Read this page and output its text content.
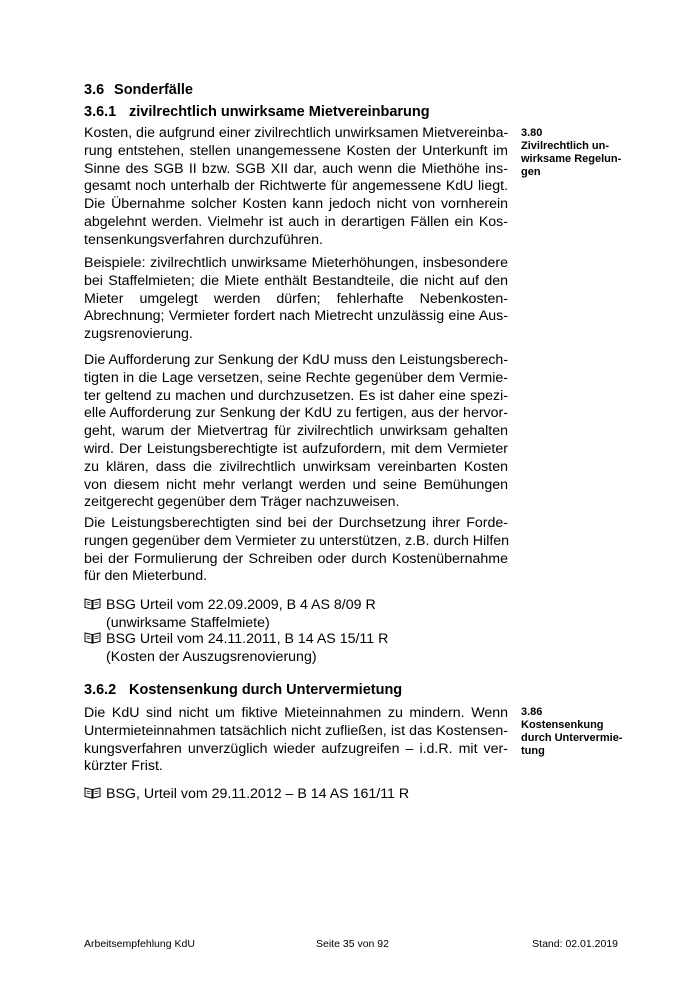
3.6 Sonderfälle
3.6.1 zivilrechtlich unwirksame Mietvereinbarung
3.80
Zivilrechtlich un-
wirksame Regelun-
gen
Kosten, die aufgrund einer zivilrechtlich unwirksamen Mietvereinba-
rung entstehen, stellen unangemessene Kosten der Unterkunft im
Sinne des SGB II bzw. SGB XII dar, auch wenn die Miethöhe ins-
gesamt noch unterhalb der Richtwerte für angemessene KdU liegt.
Die Übernahme solcher Kosten kann jedoch nicht von vornherein
abgelehnt werden. Vielmehr ist auch in derartigen Fällen ein Kos-
tensenkungsverfahren durchzuführen.
Beispiele: zivilrechtlich unwirksame Mieterhöhungen, insbesondere
bei Staffelmieten; die Miete enthält Bestandteile, die nicht auf den
Mieter umgelegt werden dürfen; fehlerhafte Nebenkosten-
Abrechnung; Vermieter fordert nach Mietrecht unzulässig eine Aus-
zugsrenovierung.
Die Aufforderung zur Senkung der KdU muss den Leistungsberech-
tigten in die Lage versetzen, seine Rechte gegenüber dem Vermie-
ter geltend zu machen und durchzusetzen. Es ist daher eine spezi-
elle Aufforderung zur Senkung der KdU zu fertigen, aus der hervor-
geht, warum der Mietvertrag für zivilrechtlich unwirksam gehalten
wird. Der Leistungsberechtigte ist aufzufordern, mit dem Vermieter
zu klären, dass die zivilrechtlich unwirksam vereinbarten Kosten
von diesem nicht mehr verlangt werden und seine Bemühungen
zeitgerecht gegenüber dem Träger nachzuweisen.
Die Leistungsberechtigten sind bei der Durchsetzung ihrer Forde-
rungen gegenüber dem Vermieter zu unterstützen, z.B. durch Hilfen
bei der Formulierung der Schreiben oder durch Kostenübernahme
für den Mieterbund.
BSG Urteil vom 22.09.2009, B 4 AS 8/09 R
(unwirksame Staffelmiete)
BSG Urteil vom 24.11.2011, B 14 AS 15/11 R
(Kosten der Auszugsrenovierung)
3.6.2 Kostensenkung durch Untervermietung
3.86
Kostensenkung
durch Untervermie-
tung
Die KdU sind nicht um fiktive Mieteinnahmen zu mindern. Wenn
Untermieteinnahmen tatsächlich nicht zufließen, ist das Kostensen-
kungsverfahren unverzüglich wieder aufzugreifen – i.d.R. mit ver-
kürzter Frist.
BSG, Urteil vom 29.11.2012 – B 14 AS 161/11 R
Arbeitsempfehlung KdU	Seite 35 von 92	Stand: 02.01.2019
